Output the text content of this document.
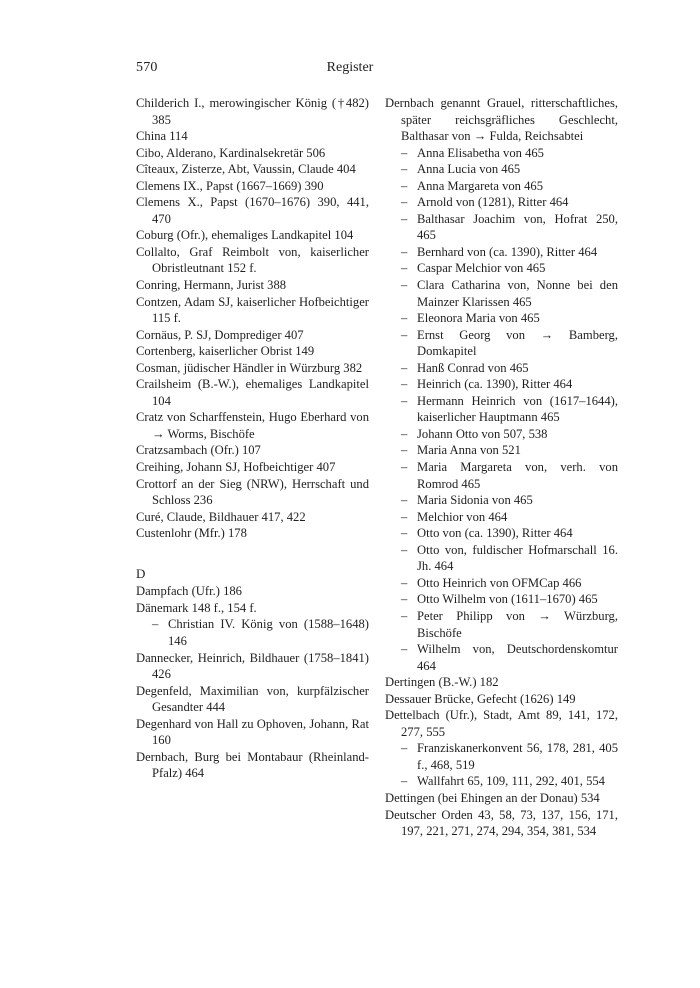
570	Register
Childerich I., merowingischer König (†482) 385
China 114
Cibo, Alderano, Kardinalsekretär 506
Cîteaux, Zisterze, Abt, Vaussin, Claude 404
Clemens IX., Papst (1667–1669) 390
Clemens X., Papst (1670–1676) 390, 441, 470
Coburg (Ofr.), ehemaliges Landkapitel 104
Collalto, Graf Reimbolt von, kaiserlicher Obristleutnant 152 f.
Conring, Hermann, Jurist 388
Contzen, Adam SJ, kaiserlicher Hofbeichtiger 115 f.
Cornäus, P. SJ, Domprediger 407
Cortenberg, kaiserlicher Obrist 149
Cosman, jüdischer Händler in Würzburg 382
Crailsheim (B.-W.), ehemaliges Landkapitel 104
Cratz von Scharffenstein, Hugo Eberhard von → Worms, Bischöfe
Cratzsambach (Ofr.) 107
Creihing, Johann SJ, Hofbeichtiger 407
Crottorf an der Sieg (NRW), Herrschaft und Schloss 236
Curé, Claude, Bildhauer 417, 422
Custenlohr (Mfr.) 178
D
Dampfach (Ufr.) 186
Dänemark 148 f., 154 f.
– Christian IV. König von (1588–1648) 146
Dannecker, Heinrich, Bildhauer (1758–1841) 426
Degenfeld, Maximilian von, kurpfälzischer Gesandter 444
Degenhard von Hall zu Ophoven, Johann, Rat 160
Dernbach, Burg bei Montabaur (Rheinland-Pfalz) 464
Dernbach genannt Grauel, ritterschaftliches, später reichsgräfliches Geschlecht, Balthasar von → Fulda, Reichsabtei
– Anna Elisabetha von 465
– Anna Lucia von 465
– Anna Margareta von 465
– Arnold von (1281), Ritter 464
– Balthasar Joachim von, Hofrat 250, 465
– Bernhard von (ca. 1390), Ritter 464
– Caspar Melchior von 465
– Clara Catharina von, Nonne bei den Mainzer Klarissen 465
– Eleonora Maria von 465
– Ernst Georg von → Bamberg, Domkapitel
– Hanß Conrad von 465
– Heinrich (ca. 1390), Ritter 464
– Hermann Heinrich von (1617–1644), kaiserlicher Hauptmann 465
– Johann Otto von 507, 538
– Maria Anna von 521
– Maria Margareta von, verh. von Romrod 465
– Maria Sidonia von 465
– Melchior von 464
– Otto von (ca. 1390), Ritter 464
– Otto von, fuldischer Hofmarschall 16. Jh. 464
– Otto Heinrich von OFMCap 466
– Otto Wilhelm von (1611–1670) 465
– Peter Philipp von → Würzburg, Bischöfe
– Wilhelm von, Deutschordenskomtur 464
Dertingen (B.-W.) 182
Dessauer Brücke, Gefecht (1626) 149
Dettelbach (Ufr.), Stadt, Amt 89, 141, 172, 277, 555
– Franziskanerkonvent 56, 178, 281, 405 f., 468, 519
– Wallfahrt 65, 109, 111, 292, 401, 554
Dettingen (bei Ehingen an der Donau) 534
Deutscher Orden 43, 58, 73, 137, 156, 171, 197, 221, 271, 274, 294, 354, 381, 534
